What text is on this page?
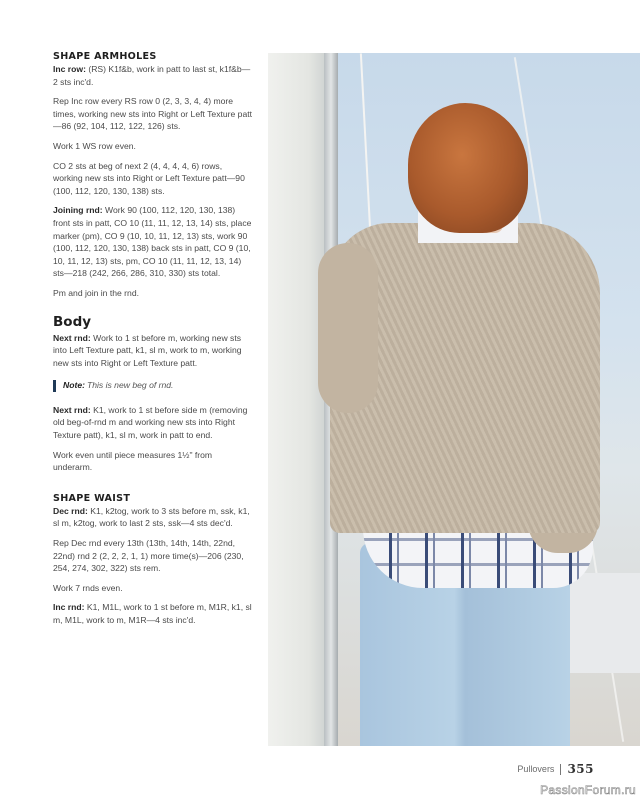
SHAPE ARMHOLES

Inc row: (RS) K1f&b, work in patt to last st, k1f&b—2 sts inc'd.

Rep Inc row every RS row 0 (2, 3, 3, 4, 4) more times, working new sts into Right or Left Texture patt—86 (92, 104, 112, 122, 126) sts.

Work 1 WS row even.

CO 2 sts at beg of next 2 (4, 4, 4, 4, 6) rows, working new sts into Right or Left Texture patt—90 (100, 112, 120, 130, 138) sts.

Joining rnd: Work 90 (100, 112, 120, 130, 138) front sts in patt, CO 10 (11, 11, 12, 13, 14) sts, place marker (pm), CO 9 (10, 10, 11, 12, 13) sts, work 90 (100, 112, 120, 130, 138) back sts in patt, CO 9 (10, 10, 11, 12, 13) sts, pm, CO 10 (11, 11, 12, 13, 14) sts—218 (242, 266, 286, 310, 330) sts total.

Pm and join in the rnd.

Body

Next rnd: Work to 1 st before m, working new sts into Left Texture patt, k1, sl m, work to m, working new sts into Right or Left Texture patt.

Note: This is new beg of rnd.

Next rnd: K1, work to 1 st before side m (removing old beg-of-rnd m and working new sts into Right Texture patt), k1, sl m, work in patt to end.

Work even until piece measures 1½" from underarm.

SHAPE WAIST

Dec rnd: K1, k2tog, work to 3 sts before m, ssk, k1, sl m, k2tog, work to last 2 sts, ssk—4 sts dec'd.

Rep Dec rnd every 13th (13th, 14th, 14th, 22nd, 22nd) rnd 2 (2, 2, 2, 1, 1) more time(s)—206 (230, 254, 274, 302, 322) sts rem.

Work 7 rnds even.

Inc rnd: K1, M1L, work to 1 st before m, M1R, k1, sl m, M1L, work to m, M1R—4 sts inc'd.

Pullovers 355
PassionForum.ru
